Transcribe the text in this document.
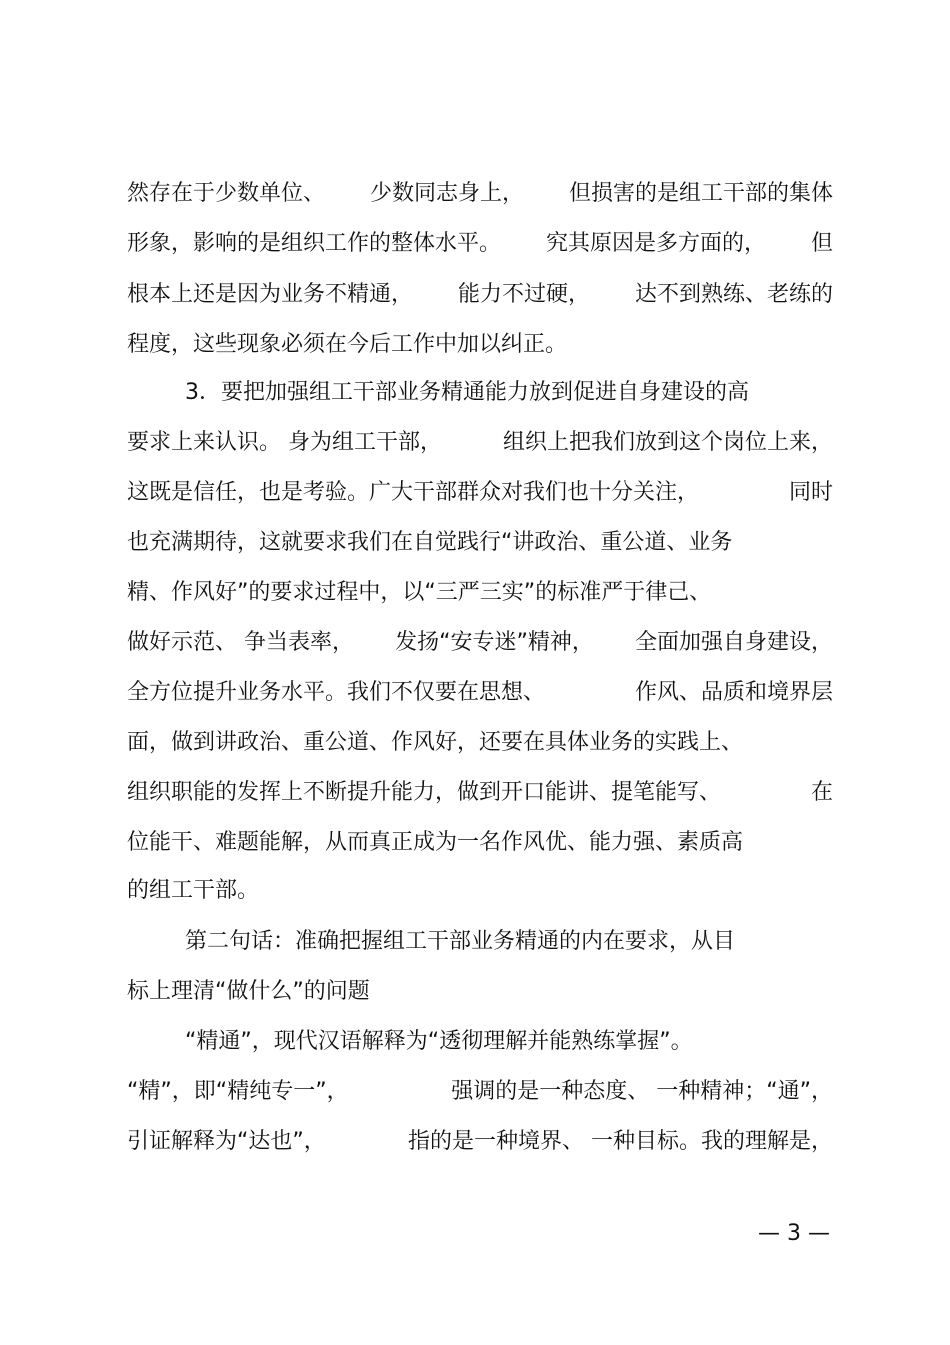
然存在于少数单位、 少数同志身上， 但损害的是组工干部的集体
形象，影响的是组织工作的整体水平。 究其原因是多方面的， 但
根本上还是因为业务不精通， 能力不过硬， 达不到熟练、老练的
程度，这些现象必须在今后工作中加以纠正。
3．要把加强组工干部业务精通能力放到促进自身建设的高
要求上来认识。 身为组工干部，	组织上把我们放到这个岗位上来，
这既是信任，也是考验。广大干部群众对我们也十分关注，	同时
也充满期待，这就要求我们在自觉践行“讲政治、重公道、业务
精、作风好”的要求过程中，以“三严三实”的标准严于律己、
做好示范、 争当表率， 发扬“安专迷”精神， 全面加强自身建设，
全方位提升业务水平。我们不仅要在思想、	作风、品质和境界层
面，做到讲政治、重公道、作风好，还要在具体业务的实践上、
组织职能的发挥上不断提升能力，做到开口能讲、提笔能写、	在
位能干、难题能解，从而真正成为一名作风优、能力强、素质高
的组工干部。
第二句话：准确把握组工干部业务精通的内在要求，从目
标上理清“做什么”的问题
“精通”，现代汉语解释为“透彻理解并能熟练掌握”。
“精”，即“精纯专一”，	强调的是一种态度、 一种精神；“通”，
引证解释为“达也”，	指的是一种境界、 一种目标。我的理解是，
— 3 —
